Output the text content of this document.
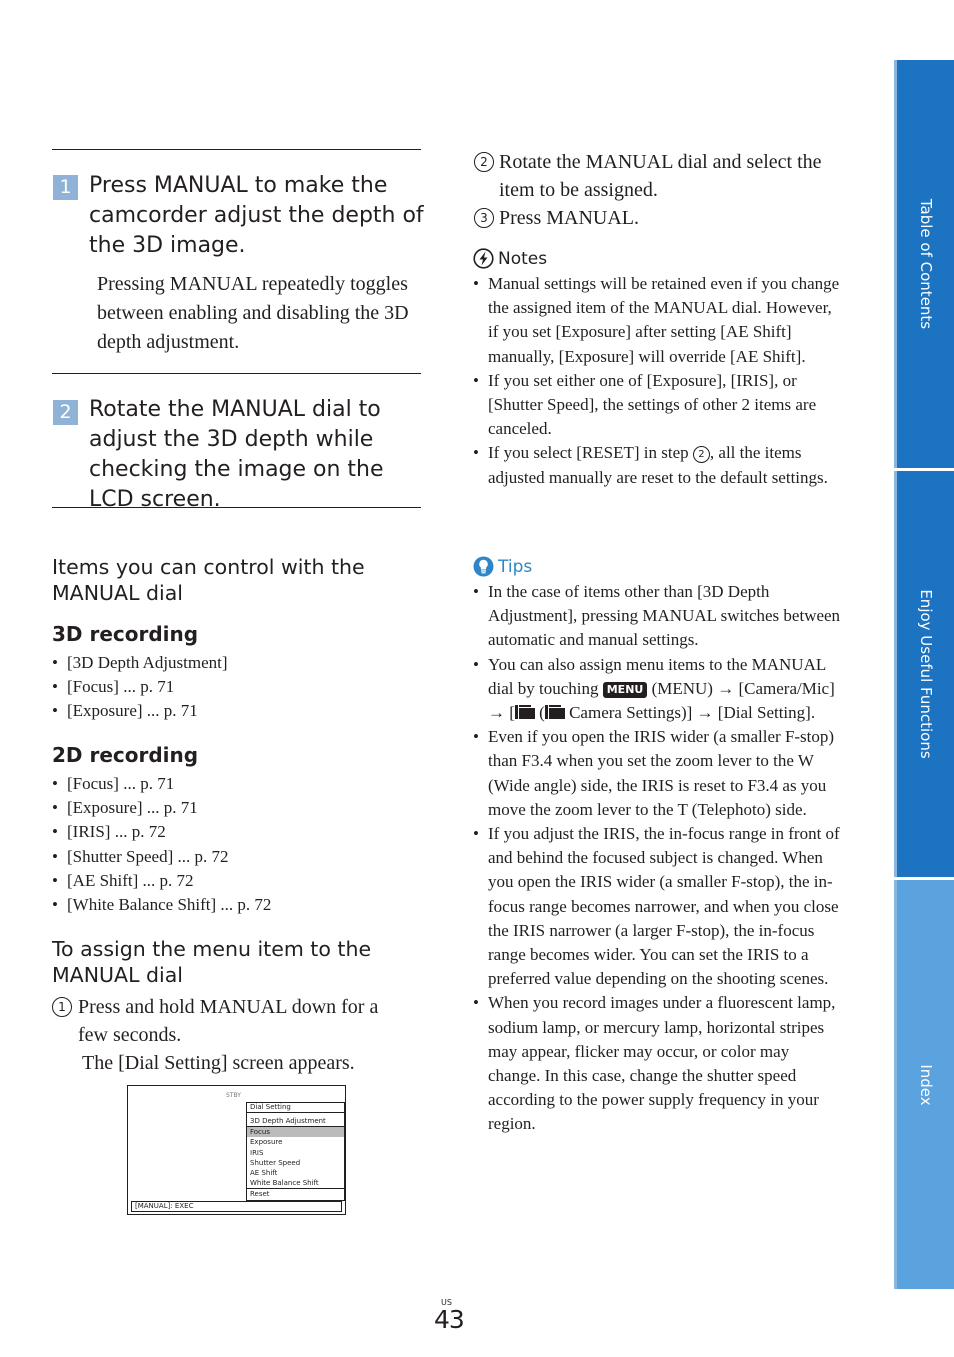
1 Press MANUAL to make the camcorder adjust the depth of the 3D image.

Pressing MANUAL repeatedly toggles between enabling and disabling the 3D depth adjustment.

2 Rotate the MANUAL dial to adjust the 3D depth while checking the image on the LCD screen.
Items you can control with the MANUAL dial
3D recording
• [3D Depth Adjustment]
• [Focus] ... p. 71
• [Exposure] ... p. 71
2D recording
• [Focus] ... p. 71
• [Exposure] ... p. 71
• [IRIS] ... p. 72
• [Shutter Speed] ... p. 72
• [AE Shift] ... p. 72
• [White Balance Shift] ... p. 72
To assign the menu item to the MANUAL dial
1 Press and hold MANUAL down for a few seconds.

The [Dial Setting] screen appears.

STBY
Dial Setting
3D Depth Adjustment
Focus
Exposure
IRIS
Shutter Speed
AE Shift
White Balance Shift
Reset
[MANUAL]: EXEC
2 Rotate the MANUAL dial and select the item to be assigned.
3 Press MANUAL.
Notes
• Manual settings will be retained even if you change the assigned item of the MANUAL dial. However, if you set [Exposure] after setting [AE Shift] manually, [Exposure] will override [AE Shift].
• If you set either one of [Exposure], [IRIS], or [Shutter Speed], the settings of other 2 items are canceled.
• If you select [RESET] in step 2 , all the items adjusted manually are reset to the default settings.
Tips
• In the case of items other than [3D Depth Adjustment], pressing MANUAL switches between automatic and manual settings.
• You can also assign menu items to the MANUAL dial by touching MENU (MENU) → [Camera/Mic] → [ ( Camera Settings)] → [Dial Setting].
• Even if you open the IRIS wider (a smaller F-stop) than F3.4 when you set the zoom lever to the W (Wide angle) side, the IRIS is reset to F3.4 as you move the zoom lever to the T (Telephoto) side.
• If you adjust the IRIS, the in-focus range in front of and behind the focused subject is changed. When you open the IRIS wider (a smaller F-stop), the in-focus range becomes narrower, and when you close the IRIS narrower (a larger F-stop), the in-focus range becomes wider. You can set the IRIS to a preferred value depending on the shooting scenes.
• When you record images under a fluorescent lamp, sodium lamp, or mercury lamp, horizontal stripes may appear, flicker may occur, or color may change. In this case, change the shutter speed according to the power supply frequency in your region.
Table of Contents
Enjoy Useful Functions
Index
US
43
